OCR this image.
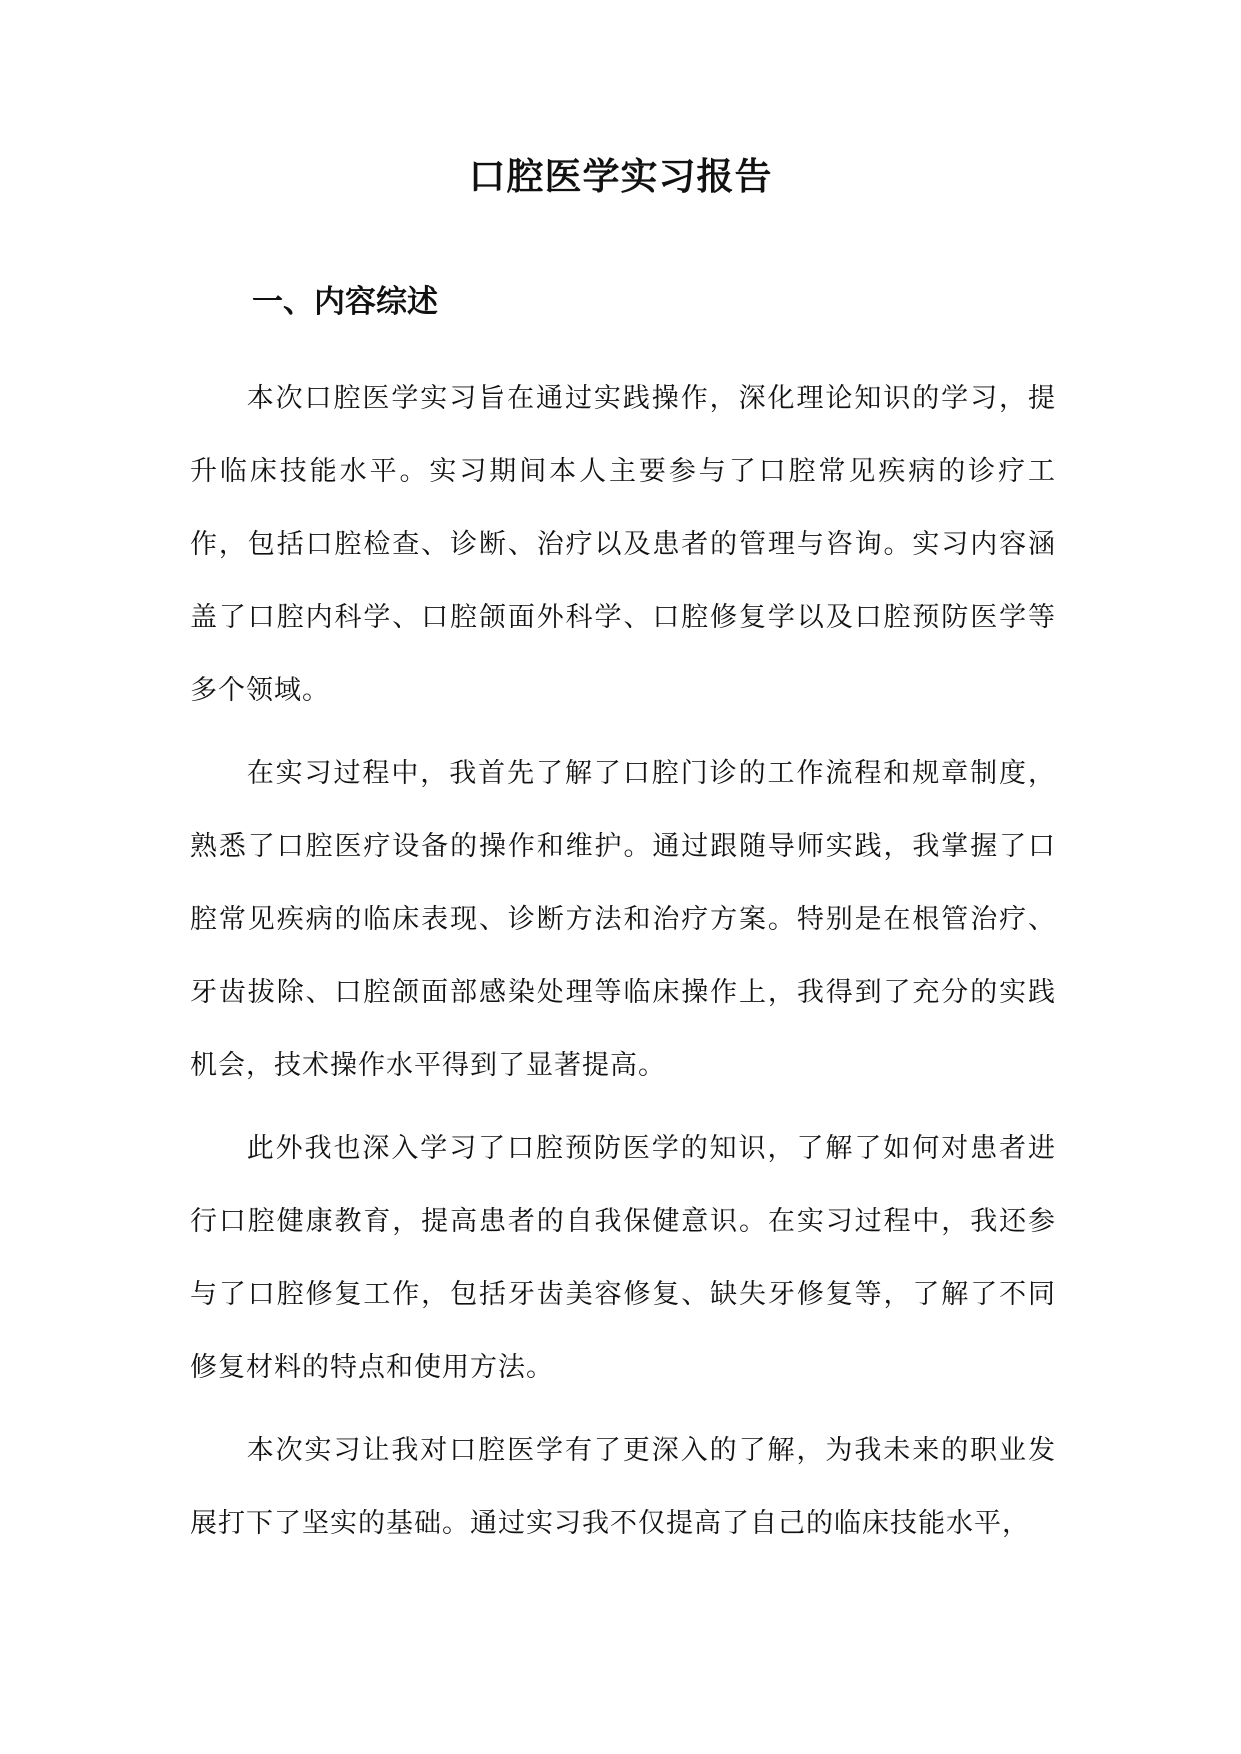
口腔医学实习报告
一、内容综述

本次口腔医学实习旨在通过实践操作，深化理论知识的学习，提升临床技能水平。实习期间本人主要参与了口腔常见疾病的诊疗工作，包括口腔检查、诊断、治疗以及患者的管理与咨询。实习内容涵盖了口腔内科学、口腔颌面外科学、口腔修复学以及口腔预防医学等多个领域。

在实习过程中，我首先了解了口腔门诊的工作流程和规章制度，熟悉了口腔医疗设备的操作和维护。通过跟随导师实践，我掌握了口腔常见疾病的临床表现、诊断方法和治疗方案。特别是在根管治疗、牙齿拔除、口腔颌面部感染处理等临床操作上，我得到了充分的实践机会，技术操作水平得到了显著提高。

此外我也深入学习了口腔预防医学的知识，了解了如何对患者进行口腔健康教育，提高患者的自我保健意识。在实习过程中，我还参与了口腔修复工作，包括牙齿美容修复、缺失牙修复等，了解了不同修复材料的特点和使用方法。

本次实习让我对口腔医学有了更深入的了解，为我未来的职业发展打下了坚实的基础。通过实习我不仅提高了自己的临床技能水平，
